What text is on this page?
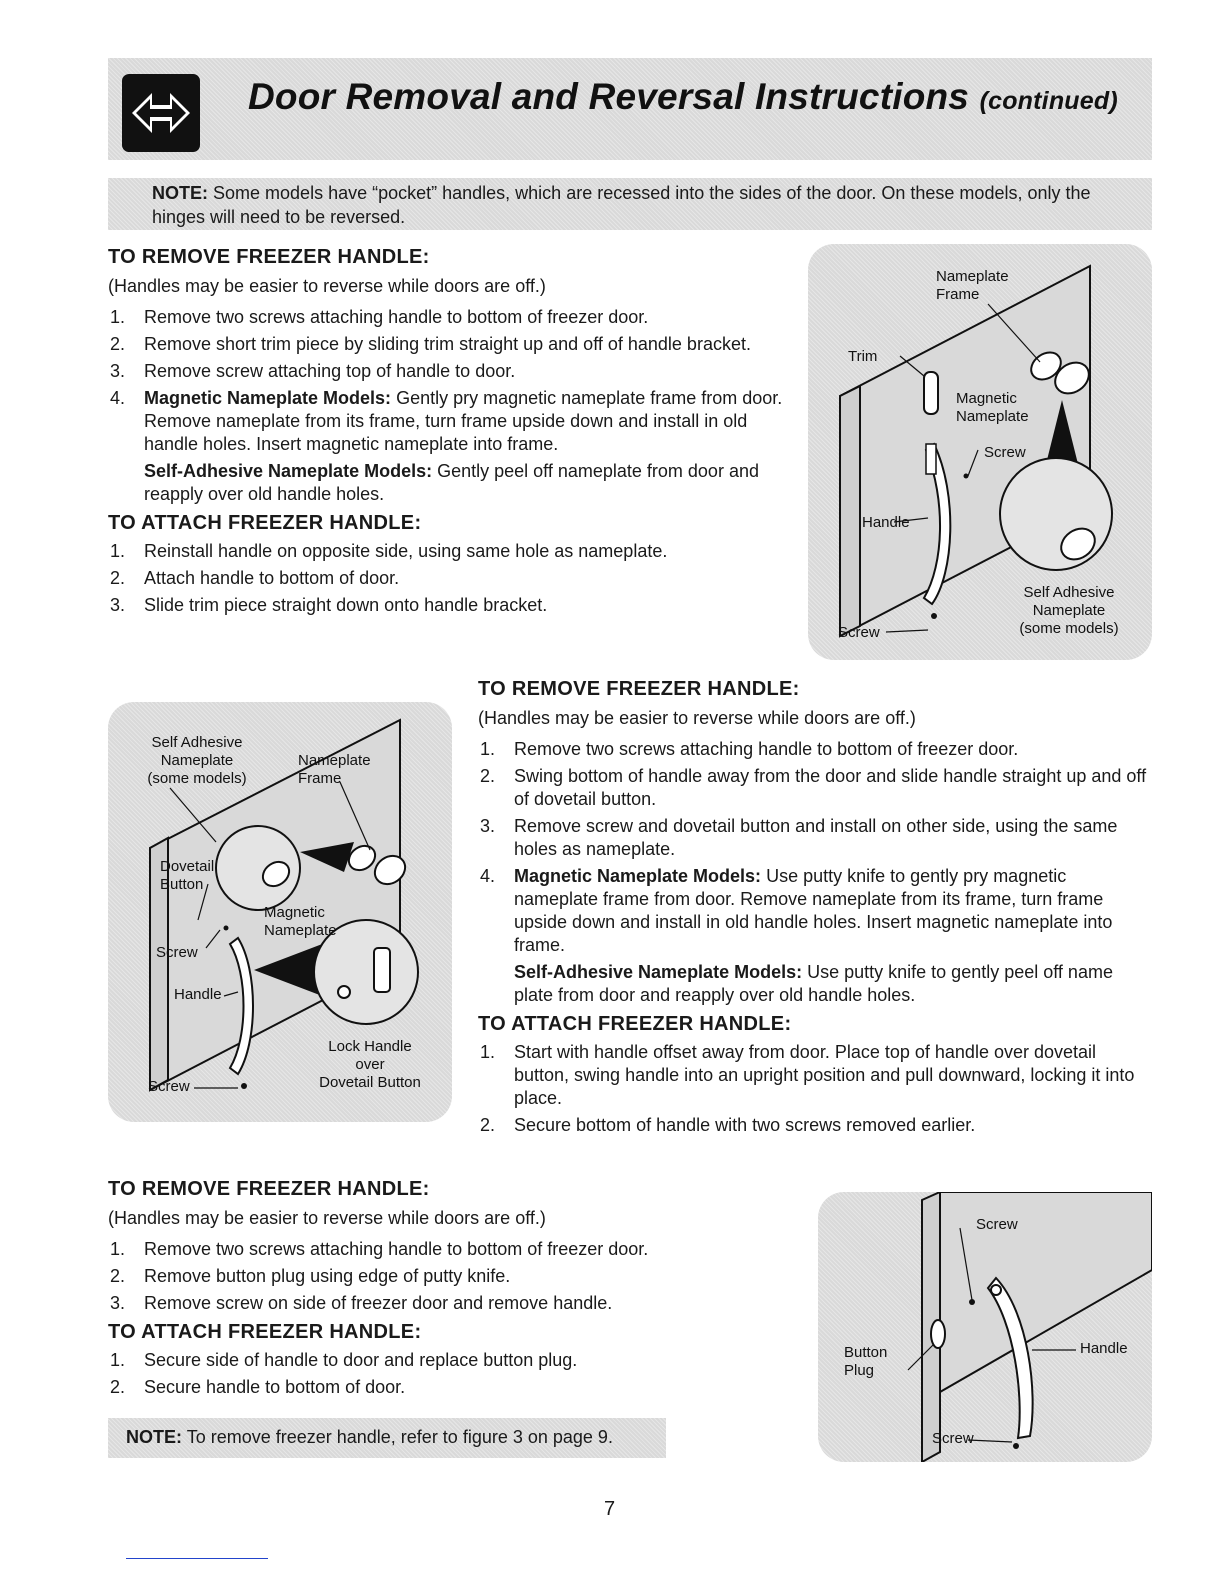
Door Removal and Reversal Instructions (continued)
NOTE: Some models have “pocket” handles, which are recessed into the sides of the door. On these models, only the hinges will need to be reversed.
TO REMOVE FREEZER HANDLE:
(Handles may be easier to reverse while doors are off.)
1. Remove two screws attaching handle to bottom of freezer door.
2. Remove short trim piece by sliding trim straight up and off of handle bracket.
3. Remove screw attaching top of handle to door.
4. Magnetic Nameplate Models: Gently pry magnetic nameplate frame from door. Remove nameplate from its frame, turn frame upside down and install in old handle holes. Insert magnetic nameplate into frame.

Self-Adhesive Nameplate Models: Gently peel off nameplate from door and reapply over old handle holes.

TO ATTACH FREEZER HANDLE:
1. Reinstall handle on opposite side, using same hole as nameplate.
2. Attach handle to bottom of door.
3. Slide trim piece straight down onto handle bracket.
Nameplate
Frame
Trim
Magnetic
Nameplate
Screw
Handle
Self Adhesive
Nameplate
(some models)
Screw
Self Adhesive
Nameplate
(some models)
Nameplate
Frame
Dovetail
Button
Magnetic
Nameplate
Screw
Handle
Lock Handle
over
Dovetail Button
Screw
TO REMOVE FREEZER HANDLE:
(Handles may be easier to reverse while doors are off.)
1. Remove two screws attaching handle to bottom of freezer door.
2. Swing bottom of handle away from the door and slide handle straight up and off of dovetail button.
3. Remove screw and dovetail button and install on other side, using the same holes as nameplate.
4. Magnetic Nameplate Models: Use putty knife to gently pry magnetic nameplate frame from door. Remove nameplate from its frame, turn frame upside down and install in old handle holes. Insert magnetic nameplate into frame.

Self-Adhesive Nameplate Models: Use putty knife to gently peel off name plate from door and reapply over old handle holes.

TO ATTACH FREEZER HANDLE:
1. Start with handle offset away from door. Place top of handle over dovetail button, swing handle into an upright position and pull downward, locking it into place.
2. Secure bottom of handle with two screws removed earlier.
TO REMOVE FREEZER HANDLE:
(Handles may be easier to reverse while doors are off.)
1. Remove two screws attaching handle to bottom of freezer door.
2. Remove button plug using edge of putty knife.
3. Remove screw on side of freezer door and remove handle.
TO ATTACH FREEZER HANDLE:
1. Secure side of handle to door and replace button plug.
2. Secure handle to bottom of door.
Screw
Button
Plug
Handle
Screw
NOTE: To remove freezer handle, refer to figure 3 on page 9.
7
